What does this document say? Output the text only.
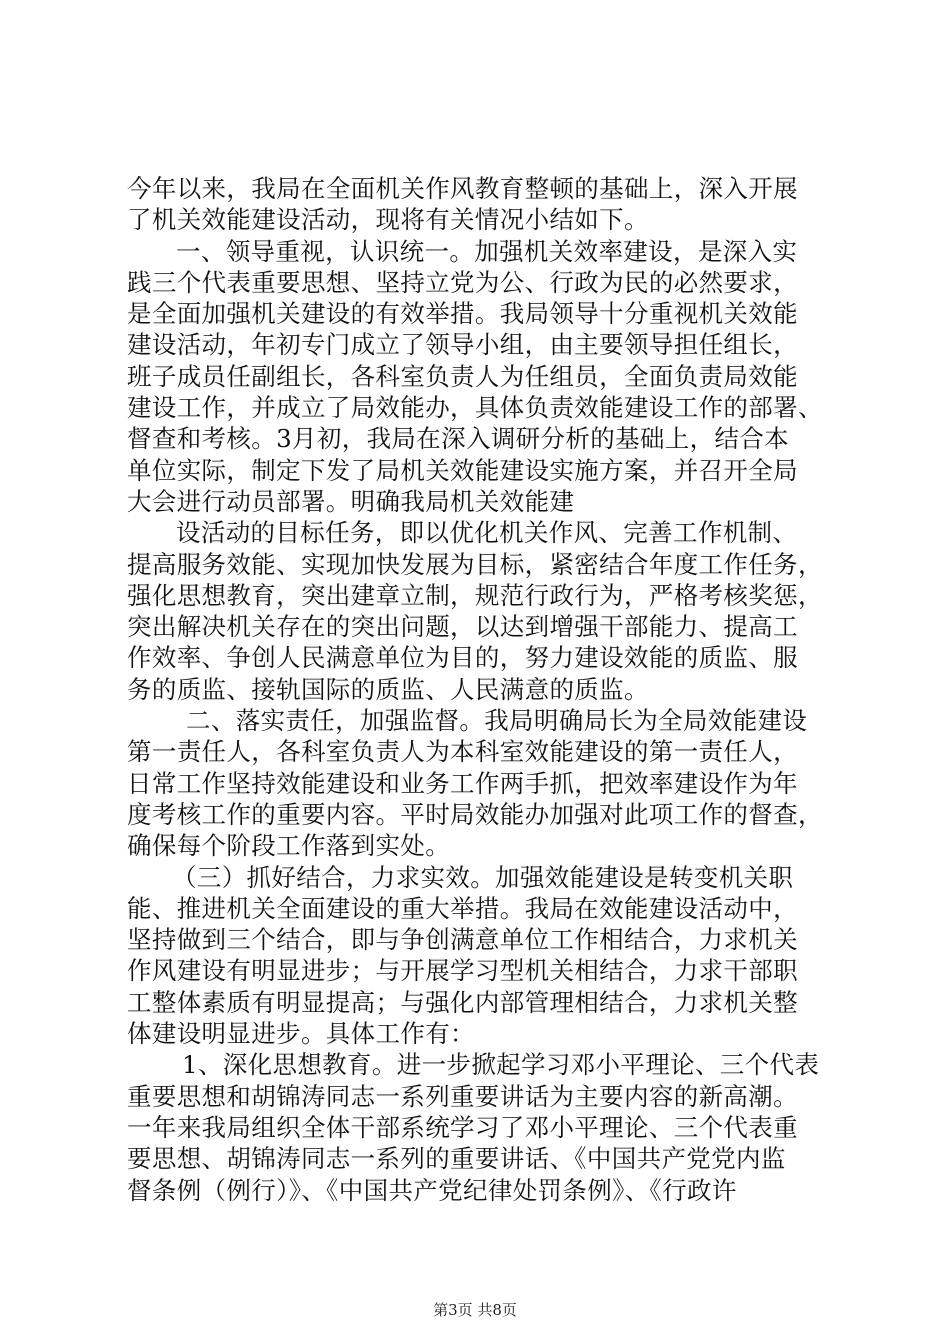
今年以来，我局在全面机关作风教育整顿的基础上，深入开展
了机关效能建设活动，现将有关情况小结如下。
一、领导重视，认识统一。加强机关效率建设，是深入实
践三个代表重要思想、坚持立党为公、行政为民的必然要求，
是全面加强机关建设的有效举措。我局领导十分重视机关效能
建设活动，年初专门成立了领导小组，由主要领导担任组长，
班子成员任副组长，各科室负责人为任组员，全面负责局效能
建设工作，并成立了局效能办，具体负责效能建设工作的部署、
督查和考核。3月初，我局在深入调研分析的基础上，结合本
单位实际，制定下发了局机关效能建设实施方案，并召开全局
大会进行动员部署。明确我局机关效能建
设活动的目标任务，即以优化机关作风、完善工作机制、
提高服务效能、实现加快发展为目标，紧密结合年度工作任务，
强化思想教育，突出建章立制，规范行政行为，严格考核奖惩，
突出解决机关存在的突出问题，以达到增强干部能力、提高工
作效率、争创人民满意单位为目的，努力建设效能的质监、服
务的质监、接轨国际的质监、人民满意的质监。
二、落实责任，加强监督。我局明确局长为全局效能建设
第一责任人，各科室负责人为本科室效能建设的第一责任人，
日常工作坚持效能建设和业务工作两手抓，把效率建设作为年
度考核工作的重要内容。平时局效能办加强对此项工作的督查，
确保每个阶段工作落到实处。
（三）抓好结合，力求实效。加强效能建设是转变机关职
能、推进机关全面建设的重大举措。我局在效能建设活动中，
坚持做到三个结合，即与争创满意单位工作相结合，力求机关
作风建设有明显进步；与开展学习型机关相结合，力求干部职
工整体素质有明显提高；与强化内部管理相结合，力求机关整
体建设明显进步。具体工作有：
1、深化思想教育。进一步掀起学习邓小平理论、三个代表
重要思想和胡锦涛同志一系列重要讲话为主要内容的新高潮。
一年来我局组织全体干部系统学习了邓小平理论、三个代表重
要思想、胡锦涛同志一系列的重要讲话、《中国共产党党内监
督条例（例行）》、《中国共产党纪律处罚条例》、《行政许
第3页 共8页
